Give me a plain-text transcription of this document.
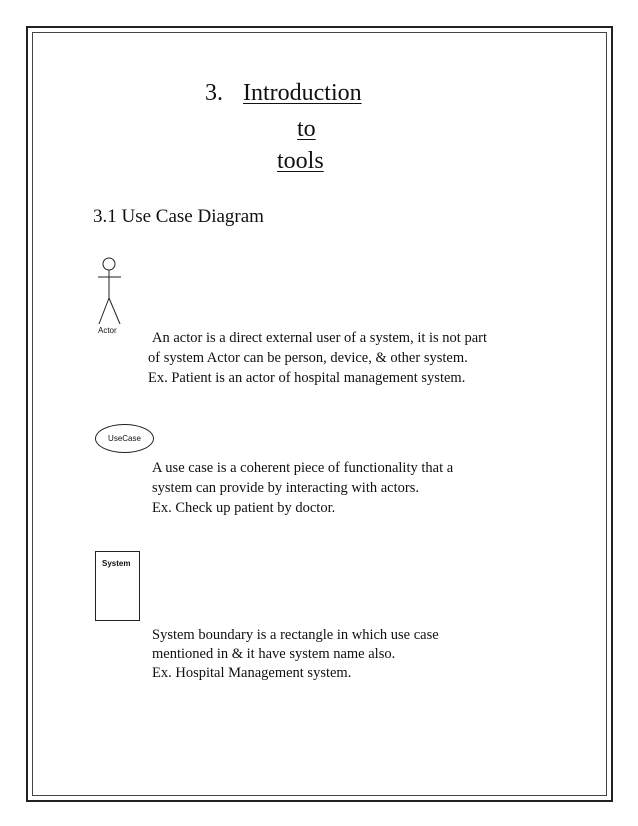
3. Introduction
to
tools
3.1 Use Case Diagram
Actor An actor is a direct external user of a system, it is not part
of system Actor can be person, device, & other system.
Ex. Patient is an actor of hospital management system.
UseCase
A use case is a coherent piece of functionality that a
system can provide by interacting with actors.
Ex. Check up patient by doctor.
System
System boundary is a rectangle in which use case
mentioned in & it have system name also.
Ex. Hospital Management system.
